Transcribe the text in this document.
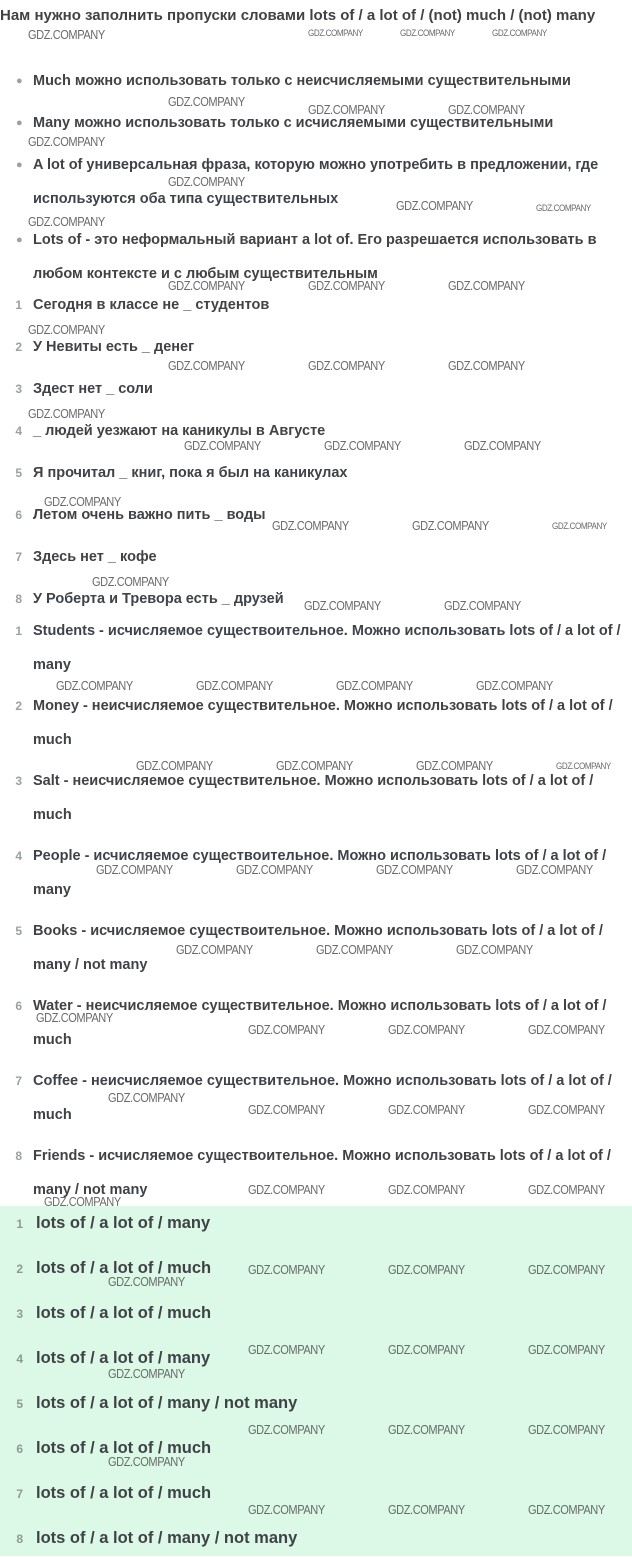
Нам нужно заполнить пропуски словами lots of / a lot of / (not) much / (not) many
● Much можно использовать только с неисчисляемыми существительными
● Many можно использовать только с исчисляемыми существительными
● A lot of универсальная фраза, которую можно употребить в предложении, где используются оба типа существительных
● Lots of - это неформальный вариант a lot of. Его разрешается использовать в любом контексте и с любым существительным
1 Сегодня в классе не _ студентов
2 У Невиты есть _ денег
3 Здест нет _ соли
4 _ людей уезжают на каникулы в Августе
5 Я прочитал _ книг, пока я был на каникулах
6 Летом очень важно пить _ воды
7 Здесь нет _ кофе
8 У Роберта и Тревора есть _ друзей
1 Students - исчисляемое существоительное. Можно использовать lots of / a lot of / many
2 Money - неисчисляемое существительное. Можно использовать lots of / a lot of / much
3 Salt - неисчисляемое существительное. Можно использовать lots of / a lot of / much
4 People - исчисляемое существоительное. Можно использовать lots of / a lot of / many
5 Books - исчисляемое существоительное. Можно использовать lots of / a lot of / many / not many
6 Water - неисчисляемое существительное. Можно использовать lots of / a lot of / much
7 Coffee - неисчисляемое существительное. Можно использовать lots of / a lot of / much
8 Friends - исчисляемое существоительное. Можно использовать lots of / a lot of / many / not many
1 lots of / a lot of / many
2 lots of / a lot of / much
3 lots of / a lot of / much
4 lots of / a lot of / many
5 lots of / a lot of / many / not many
6 lots of / a lot of / much
7 lots of / a lot of / much
8 lots of / a lot of / many / not many
GDZ.COMPANY	GDZ.COMPANY	GDZ.COMPANY	GDZ.COMPANY
GDZ.COMPANY
GDZ.COMPANY	GDZ.COMPANY
GDZ.COMPANY
GDZ.COMPANY
GDZ.COMPANY	GDZ.COMPANY
GDZ.COMPANY
GDZ.COMPANY	GDZ.COMPANY	GDZ.COMPANY
GDZ.COMPANY
GDZ.COMPANY	GDZ.COMPANY	GDZ.COMPANY
GDZ.COMPANY
GDZ.COMPANY	GDZ.COMPANY	GDZ.COMPANY
GDZ.COMPANY
GDZ.COMPANY	GDZ.COMPANY	GDZ.COMPANY
GDZ.COMPANY
GDZ.COMPANY	GDZ.COMPANY
GDZ.COMPANY	GDZ.COMPANY	GDZ.COMPANY	GDZ.COMPANY
GDZ.COMPANY	GDZ.COMPANY	GDZ.COMPANY	GDZ.COMPANY
GDZ.COMPANY	GDZ.COMPANY	GDZ.COMPANY	GDZ.COMPANY
GDZ.COMPANY	GDZ.COMPANY	GDZ.COMPANY
GDZ.COMPANY
GDZ.COMPANY	GDZ.COMPANY	GDZ.COMPANY
GDZ.COMPANY
GDZ.COMPANY	GDZ.COMPANY	GDZ.COMPANY
GDZ.COMPANY	GDZ.COMPANY	GDZ.COMPANY
GDZ.COMPANY
GDZ.COMPANY	GDZ.COMPANY	GDZ.COMPANY
GDZ.COMPANY
GDZ.COMPANY	GDZ.COMPANY	GDZ.COMPANY
GDZ.COMPANY
GDZ.COMPANY	GDZ.COMPANY	GDZ.COMPANY
GDZ.COMPANY
GDZ.COMPANY	GDZ.COMPANY	GDZ.COMPANY
